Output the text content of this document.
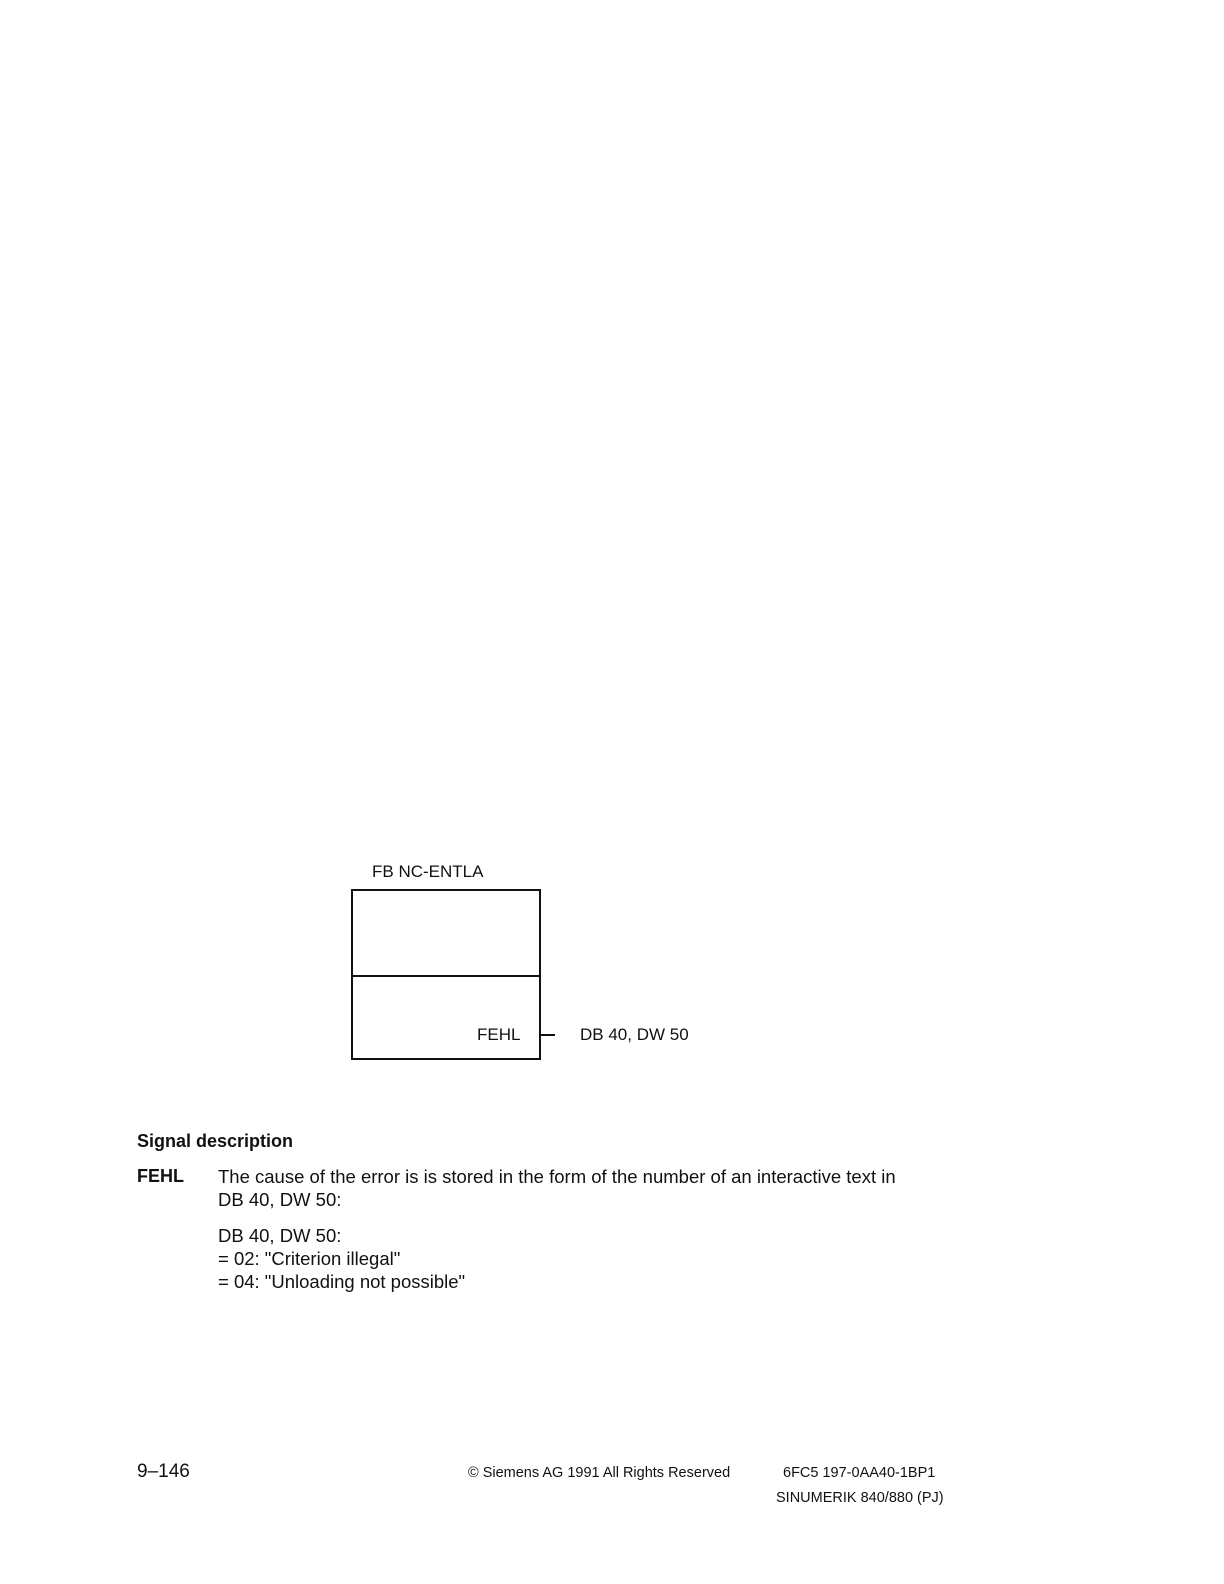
FB NC-ENTLA
FEHL	DB 40, DW 50
Signal description
FEHL The cause of the error is is stored in the form of the number of an interactive text in
DB 40, DW 50:
DB 40, DW 50:
= 02: "Criterion illegal"
= 04: "Unloading not possible"
9–146	© Siemens AG 1991 All Rights Reserved	6FC5 197-0AA40-1BP1
SINUMERIK 840/880 (PJ)
